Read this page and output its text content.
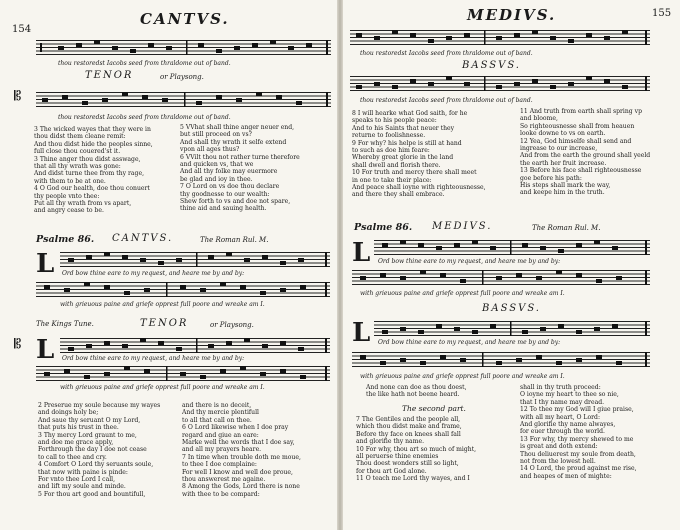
154
CANTVS.
thou restoredst Iacobs seed from thraldome out of band.
TENOR	or Playsong.
𝄡
thou restoredst Iacobs seed from thraldome out of band.
3 The wicked wayes that they were in
thou didst them cleane remit:
And thou didst hide the peoples sinne,
full close thou couered'st it.
3 Thine anger thou didst asswage,
that all thy wrath was gone:
And didst turne thee from thy rage,
with them to be at one.
4 O God our health, doe thou conuert
thy people vnto thee:
Put all thy wrath from vs apart,
and angry cease to be.
5 VVhat shall thine anger neuer end,
but still proceed on vs?
And shall thy wrath it selfe extend
vpon all ages thus?
6 VVilt thou not rather turne therefore
and quicken vs, that we
And all thy folke may euermore
be glad and ioy in thee.
7 O Lord on vs doe thou declare
thy goodnesse to our wealth:
Shew forth to vs and doe not spare,
thine aid and sauing health.
Psalme 86. CANTVS.	The Roman Rul. M.
L Ord bow thine eare to my request, and heare me by and by:
with grieuous paine and griefe opprest full poore and wreake am I.
The Kings Tune.	TENOR	or Playsong.
L
𝄡
Ord bow thine eare to my request, and heare me by and by:
with grieuous paine and griefe opprest full poore and wreake am I.
2 Preserue my soule because my wayes
and doings holy be;
And saue thy seruant O my Lord,
that puts his trust in thee.
3 Thy mercy Lord graunt to me,
and doe me grace apply,
Forthrough the day I doe not cease
to call to thee and cry.
4 Comfort O Lord thy seruants soule,
that now with paine is pinde:
For vnto thee Lord I call,
and lift my soule and minde.
5 For thou art good and bountifull,
and there is no deceit,
And thy mercie plentifull
to all that call on thee.
6 O Lord likewise when I doe pray
regard and giue an eare:
Marke well the words that I doe say,
and all my prayers heare.
7 In time when trouble doth me moue,
to thee I doe complaine:
For well I know and well doe proue,
thou answerest me againe.
8 Among the Gods, Lord there is none
with thee to be compard:
MEDIVS.	155
thou restoredst Iacobs seed from thraldome out of band.
BASSVS.
thou restoredst Iacobs seed from thraldome out of band.
8 I will hearke what God saith, for he
speaks to his people peace:
And to his Saints that neuer they
returne to foolishnesse.
9 For why? his helpe is still at hand
to such as doe him feare:
Whereby great glorie in the land
shall dwell and florish there.
10 For truth and mercy there shall meet
in one to take their place:
And peace shall ioyne with righteousnesse,
and there they shall embrace.
11 And truth from earth shall spring vp
and bloome,
So righteousnesse shall from heauen
looke downe to vs on earth.
12 Yea, God himselfe shall send and
ingrease to our increase,
And from the earth the ground shall yeeld
the earth her fruit increase.
13 Before his face shall righteousnesse
goe before his path:
His steps shall mark the way,
and keepe him in the truth.
Psalme 86. MEDIVS.	The Roman Rul. M.
L Ord bow thine eare to my request, and heare me by and by:
with grieuous paine and griefe opprest full poore and wreake am I.
BASSVS.
L Ord bow thine eare to my request, and heare me by and by:
with grieuous paine and griefe opprest full poore and wreake am I.
And none can doe as thou doest,
the like hath not beene heard.
The second part.
7 The Gentiles and the people all,
which thou didst make and frame,
Before thy face on knees shall fall
and glorifie thy name.
10 For why, thou art so much of might,
all peruerse thine enemies
Thou doest wonders still so light,
for thou art God alone.
11 O teach me Lord thy wayes, and I
shall in thy truth proceed:
O ioyne my heart to thee so nie,
that I thy name may dread.
12 To thee my God will I giue praise,
with all my heart, O Lord:
And glorifie thy name alwayes,
for euer through the world.
13 For why, thy mercy shewed to me
is great and doth extend:
Thou deliuerest my soule from death,
not from the lowest hell.
14 O Lord, the proud against me rise,
and heapes of men of mighte:
